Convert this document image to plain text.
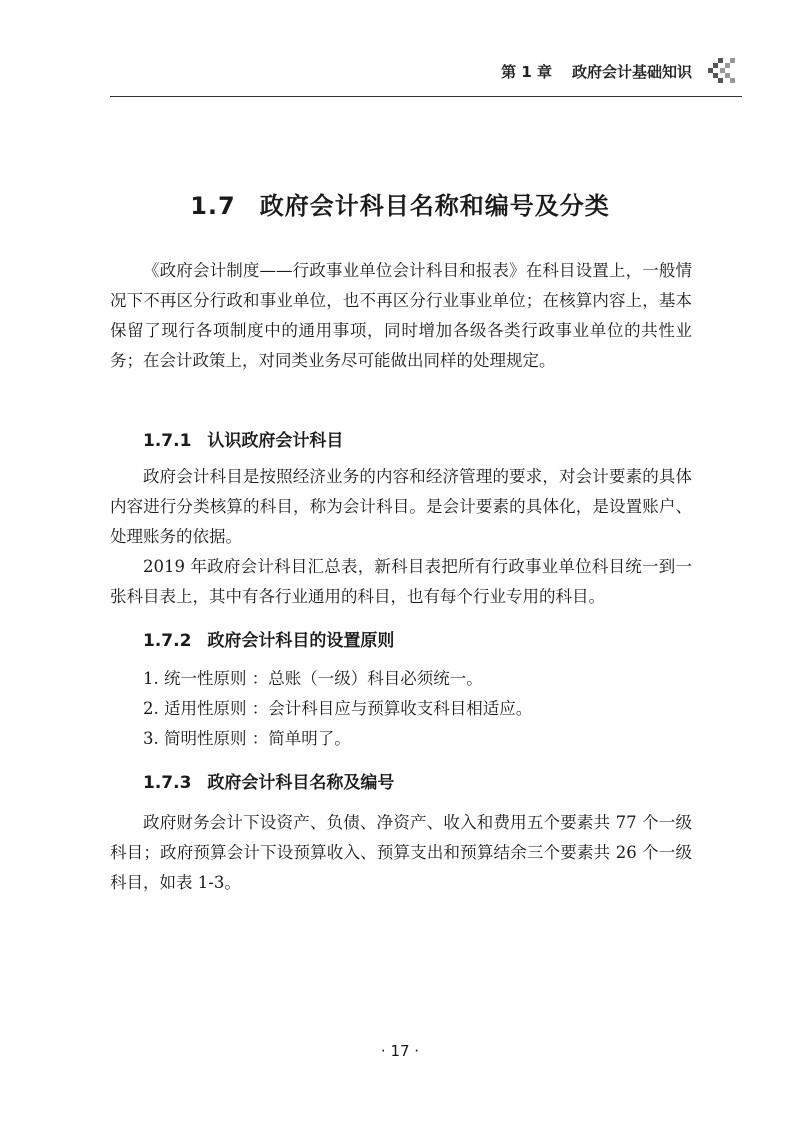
第 1 章 政府会计基础知识
1.7 政府会计科目名称和编号及分类

《政府会计制度——行政事业单位会计科目和报表》在科目设置上，一般情况下不再区分行政和事业单位，也不再区分行业事业单位；在核算内容上，基本保留了现行各项制度中的通用事项，同时增加各级各类行政事业单位的共性业务；在会计政策上，对同类业务尽可能做出同样的处理规定。

1.7.1 认识政府会计科目

政府会计科目是按照经济业务的内容和经济管理的要求，对会计要素的具体内容进行分类核算的科目，称为会计科目。是会计要素的具体化，是设置账户、处理账务的依据。

2019 年政府会计科目汇总表，新科目表把所有行政事业单位科目统一到一张科目表上，其中有各行业通用的科目，也有每个行业专用的科目。

1.7.2 政府会计科目的设置原则
1. 统一性原则 ：总账（一级）科目必须统一。
2. 适用性原则 ：会计科目应与预算收支科目相适应。
3. 简明性原则 ：简单明了。
1.7.3 政府会计科目名称及编号

政府财务会计下设资产、负债、净资产、收入和费用五个要素共 77 个一级科目；政府预算会计下设预算收入、预算支出和预算结余三个要素共 26 个一级科目，如表 1-3。

· 17 ·
